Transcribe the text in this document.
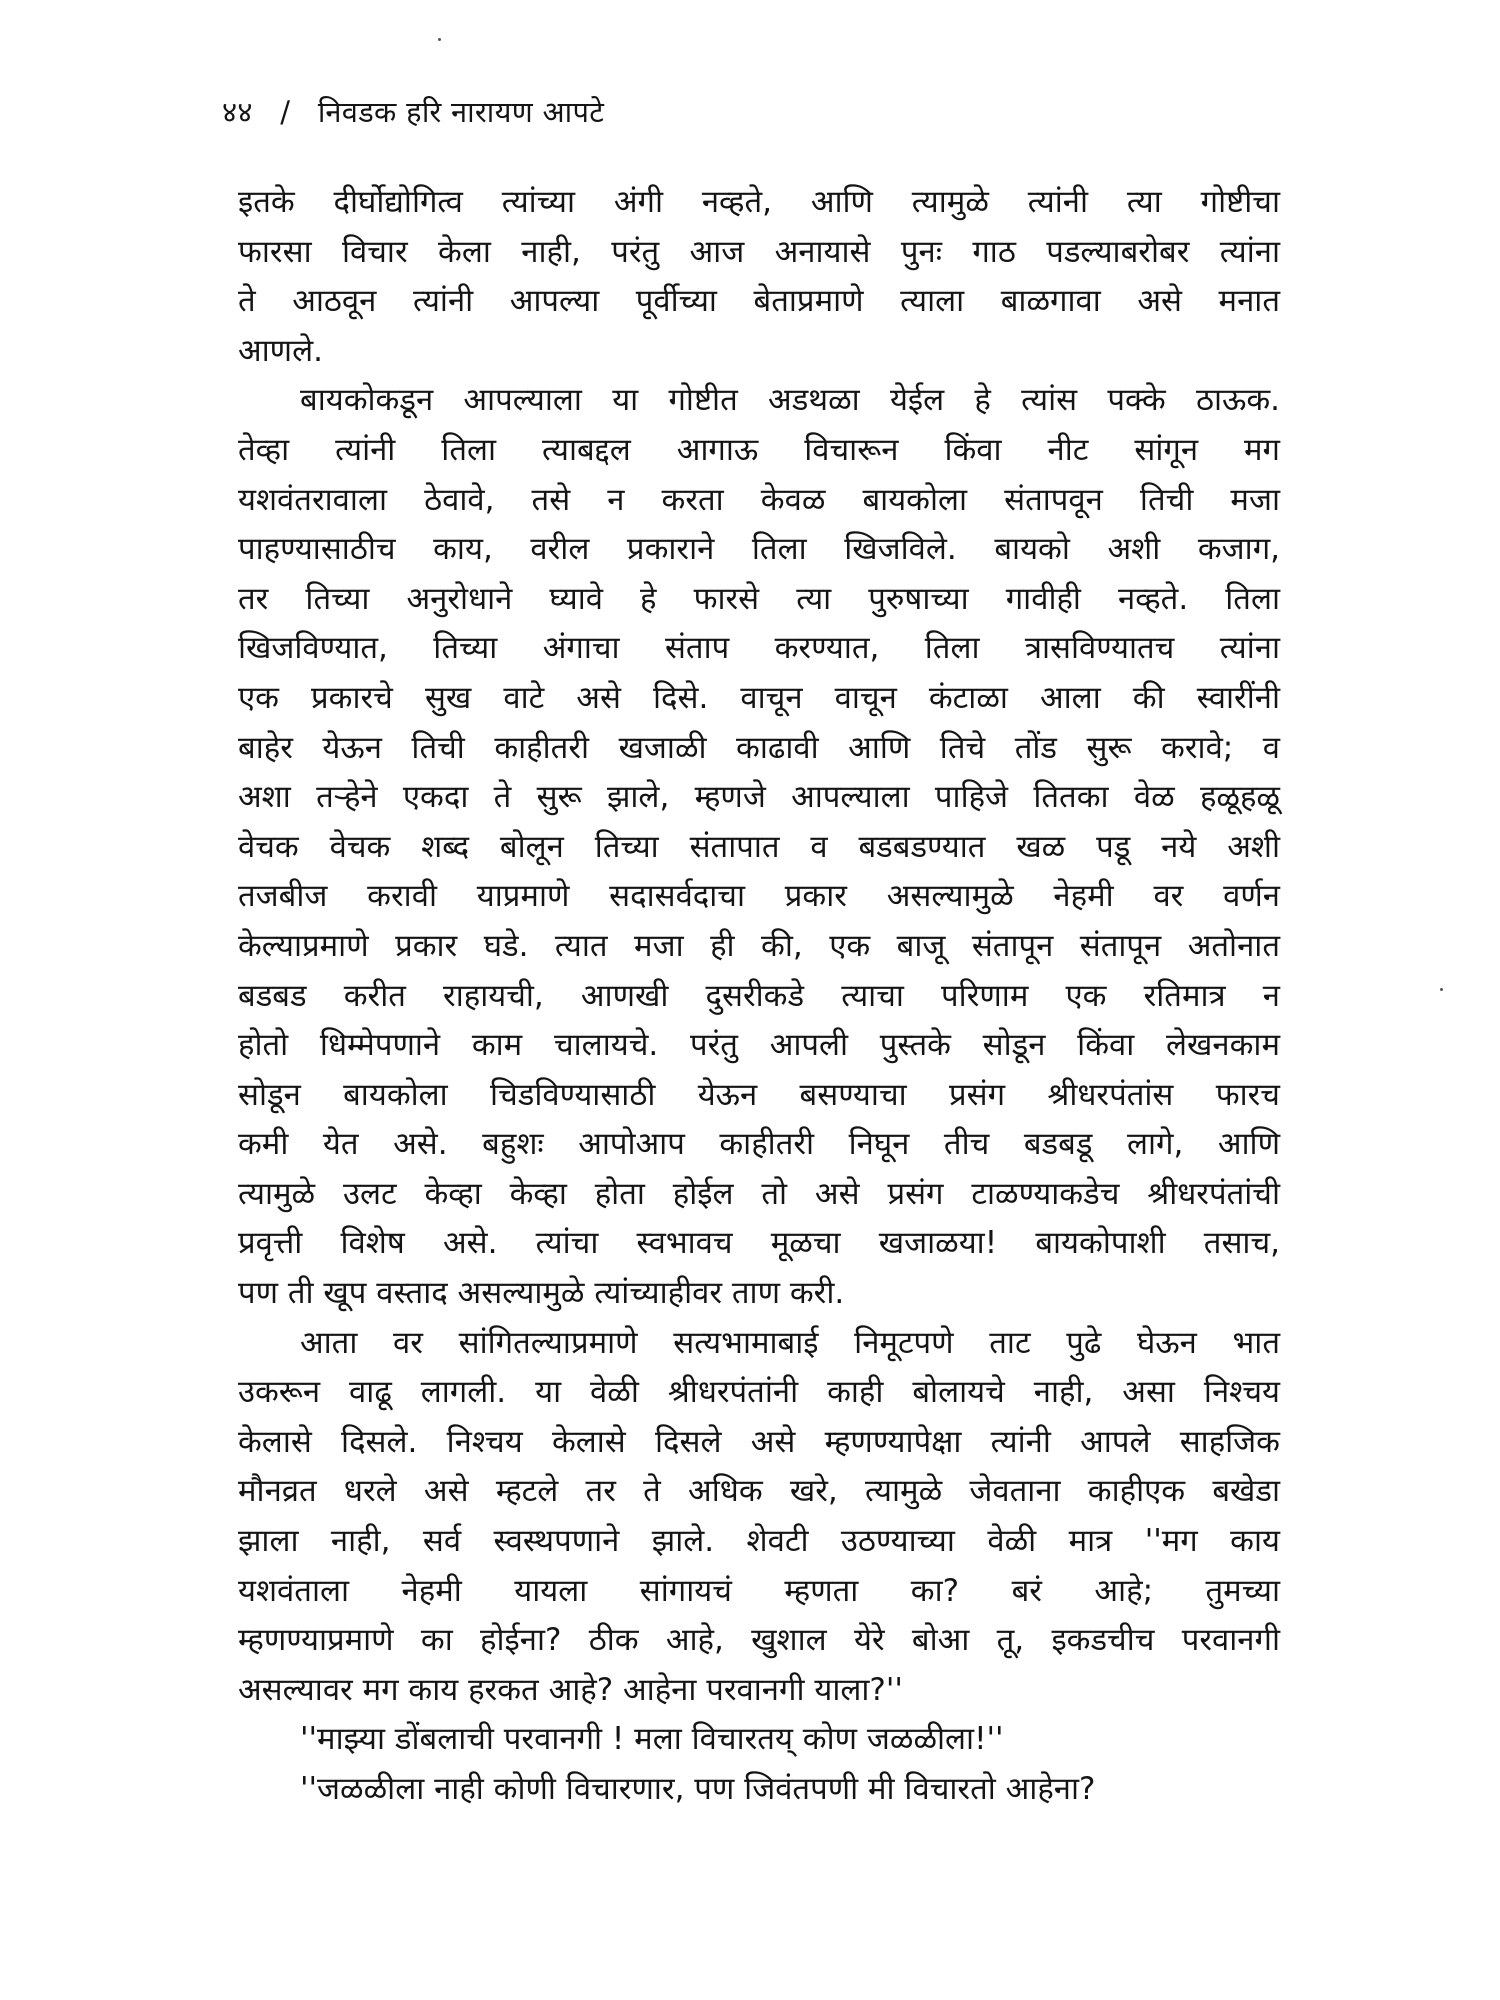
४४ / निवडक हरि नारायण आपटे
इतके दीर्घोद्योगित्व त्यांच्या अंगी नव्हते, आणि त्यामुळे त्यांनी त्या गोष्टीचा
फारसा विचार केला नाही, परंतु आज अनायासे पुनः गाठ पडल्याबरोबर त्यांना
ते आठवून त्यांनी आपल्या पूर्वीच्या बेताप्रमाणे त्याला बाळगावा असे मनात
आणले.
बायकोकडून आपल्याला या गोष्टीत अडथळा येईल हे त्यांस पक्के ठाऊक.
तेव्हा त्यांनी तिला त्याबद्दल आगाऊ विचारून किंवा नीट सांगून मग
यशवंतरावाला ठेवावे, तसे न करता केवळ बायकोला संतापवून तिची मजा
पाहण्यासाठीच काय, वरील प्रकाराने तिला खिजविले. बायको अशी कजाग,
तर तिच्या अनुरोधाने घ्यावे हे फारसे त्या पुरुषाच्या गावीही नव्हते. तिला
खिजविण्यात, तिच्या अंगाचा संताप करण्यात, तिला त्रासविण्यातच त्यांना
एक प्रकारचे सुख वाटे असे दिसे. वाचून वाचून कंटाळा आला की स्वारींनी
बाहेर येऊन तिची काहीतरी खजाळी काढावी आणि तिचे तोंड सुरू करावे; व
अशा तऱ्हेने एकदा ते सुरू झाले, म्हणजे आपल्याला पाहिजे तितका वेळ हळूहळू
वेचक वेचक शब्द बोलून तिच्या संतापात व बडबडण्यात खळ पडू नये अशी
तजबीज करावी याप्रमाणे सदासर्वदाचा प्रकार असल्यामुळे नेहमी वर वर्णन
केल्याप्रमाणे प्रकार घडे. त्यात मजा ही की, एक बाजू संतापून संतापून अतोनात
बडबड करीत राहायची, आणखी दुसरीकडे त्याचा परिणाम एक रतिमात्र न
होतो धिम्मेपणाने काम चालायचे. परंतु आपली पुस्तके सोडून किंवा लेखनकाम
सोडून बायकोला चिडविण्यासाठी येऊन बसण्याचा प्रसंग श्रीधरपंतांस फारच
कमी येत असे. बहुशः आपोआप काहीतरी निघून तीच बडबडू लागे, आणि
त्यामुळे उलट केव्हा केव्हा होता होईल तो असे प्रसंग टाळण्याकडेच श्रीधरपंतांची
प्रवृत्ती विशेष असे. त्यांचा स्वभावच मूळचा खजाळया! बायकोपाशी तसाच,
पण ती खूप वस्ताद असल्यामुळे त्यांच्याहीवर ताण करी.
आता वर सांगितल्याप्रमाणे सत्यभामाबाई निमूटपणे ताट पुढे घेऊन भात
उकरून वाढू लागली. या वेळी श्रीधरपंतांनी काही बोलायचे नाही, असा निश्चय
केलासे दिसले. निश्चय केलासे दिसले असे म्हणण्यापेक्षा त्यांनी आपले साहजिक
मौनव्रत धरले असे म्हटले तर ते अधिक खरे, त्यामुळे जेवताना काहीएक बखेडा
झाला नाही, सर्व स्वस्थपणाने झाले. शेवटी उठण्याच्या वेळी मात्र ''मग काय
यशवंताला नेहमी यायला सांगायचं म्हणता का? बरं आहे; तुमच्या
म्हणण्याप्रमाणे का होईना? ठीक आहे, खुशाल येरे बोआ तू, इकडचीच परवानगी
असल्यावर मग काय हरकत आहे? आहेना परवानगी याला?''
''माझ्या डोंबलाची परवानगी ! मला विचारतय् कोण जळळीला!''
''जळळीला नाही कोणी विचारणार, पण जिवंतपणी मी विचारतो आहेना?
